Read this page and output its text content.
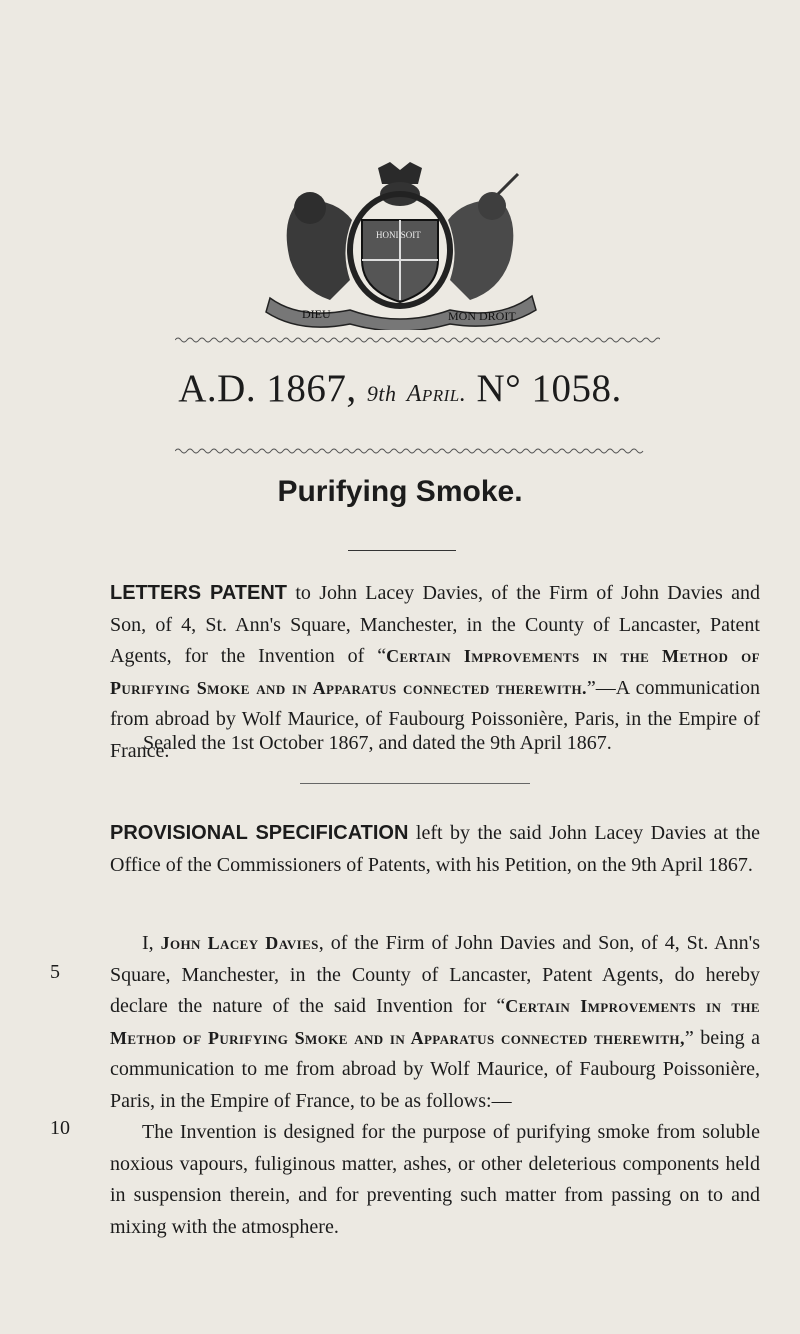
DIEU	MON DROIT
HONI SOIT
A.D. 1867, 9th April. N° 1058.
Purifying Smoke.
LETTERS PATENT to John Lacey Davies, of the Firm of John Davies and Son, of 4, St. Ann's Square, Manchester, in the County of Lancaster, Patent Agents, for the Invention of “Certain Improvements in the Method of Purifying Smoke and in Apparatus connected therewith.”—A communication from abroad by Wolf Maurice, of Faubourg Poissonière, Paris, in the Empire of France.
Sealed the 1st October 1867, and dated the 9th April 1867.
PROVISIONAL SPECIFICATION left by the said John Lacey Davies at the Office of the Commissioners of Patents, with his Petition, on the 9th April 1867.
5
10
I, John Lacey Davies, of the Firm of John Davies and Son, of 4, St. Ann's Square, Manchester, in the County of Lancaster, Patent Agents, do hereby declare the nature of the said Invention for “Certain Improvements in the Method of Purifying Smoke and in Apparatus connected therewith,” being a communication to me from abroad by Wolf Maurice, of Faubourg Poissonière, Paris, in the Empire of France, to be as follows:—
The Invention is designed for the purpose of purifying smoke from soluble noxious vapours, fuliginous matter, ashes, or other deleterious components held in suspension therein, and for preventing such matter from passing on to and mixing with the atmosphere.
